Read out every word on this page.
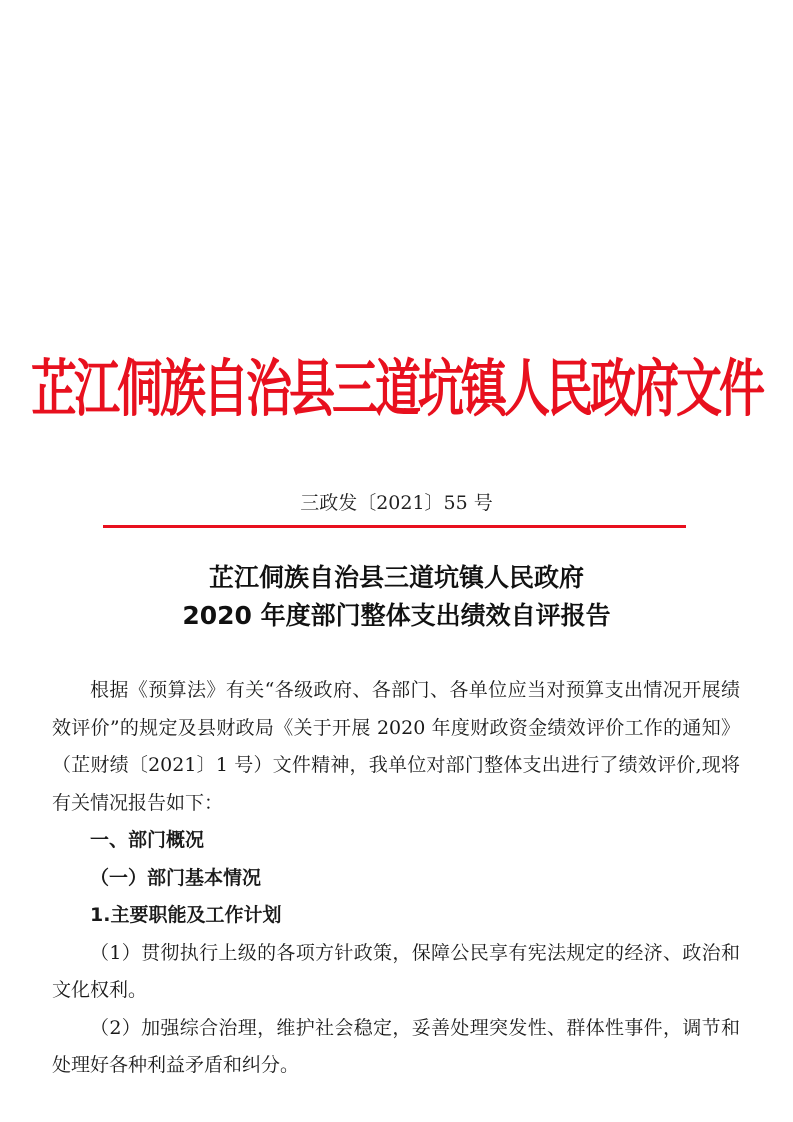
芷江侗族自治县三道坑镇人民政府文件
三政发〔2021〕55 号
芷江侗族自治县三道坑镇人民政府
2020 年度部门整体支出绩效自评报告

根据《预算法》有关“各级政府、各部门、各单位应当对预算支出情况开展绩效评价”的规定及县财政局《关于开展 2020 年度财政资金绩效评价工作的通知》（芷财绩〔2021〕1 号）文件精神，我单位对部门整体支出进行了绩效评价,现将有关情况报告如下：

一、部门概况

（一）部门基本情况

1.主要职能及工作计划

（1）贯彻执行上级的各项方针政策，保障公民享有宪法规定的经济、政治和文化权利。

（2）加强综合治理，维护社会稳定，妥善处理突发性、群体性事件，调节和处理好各种利益矛盾和纠分。
